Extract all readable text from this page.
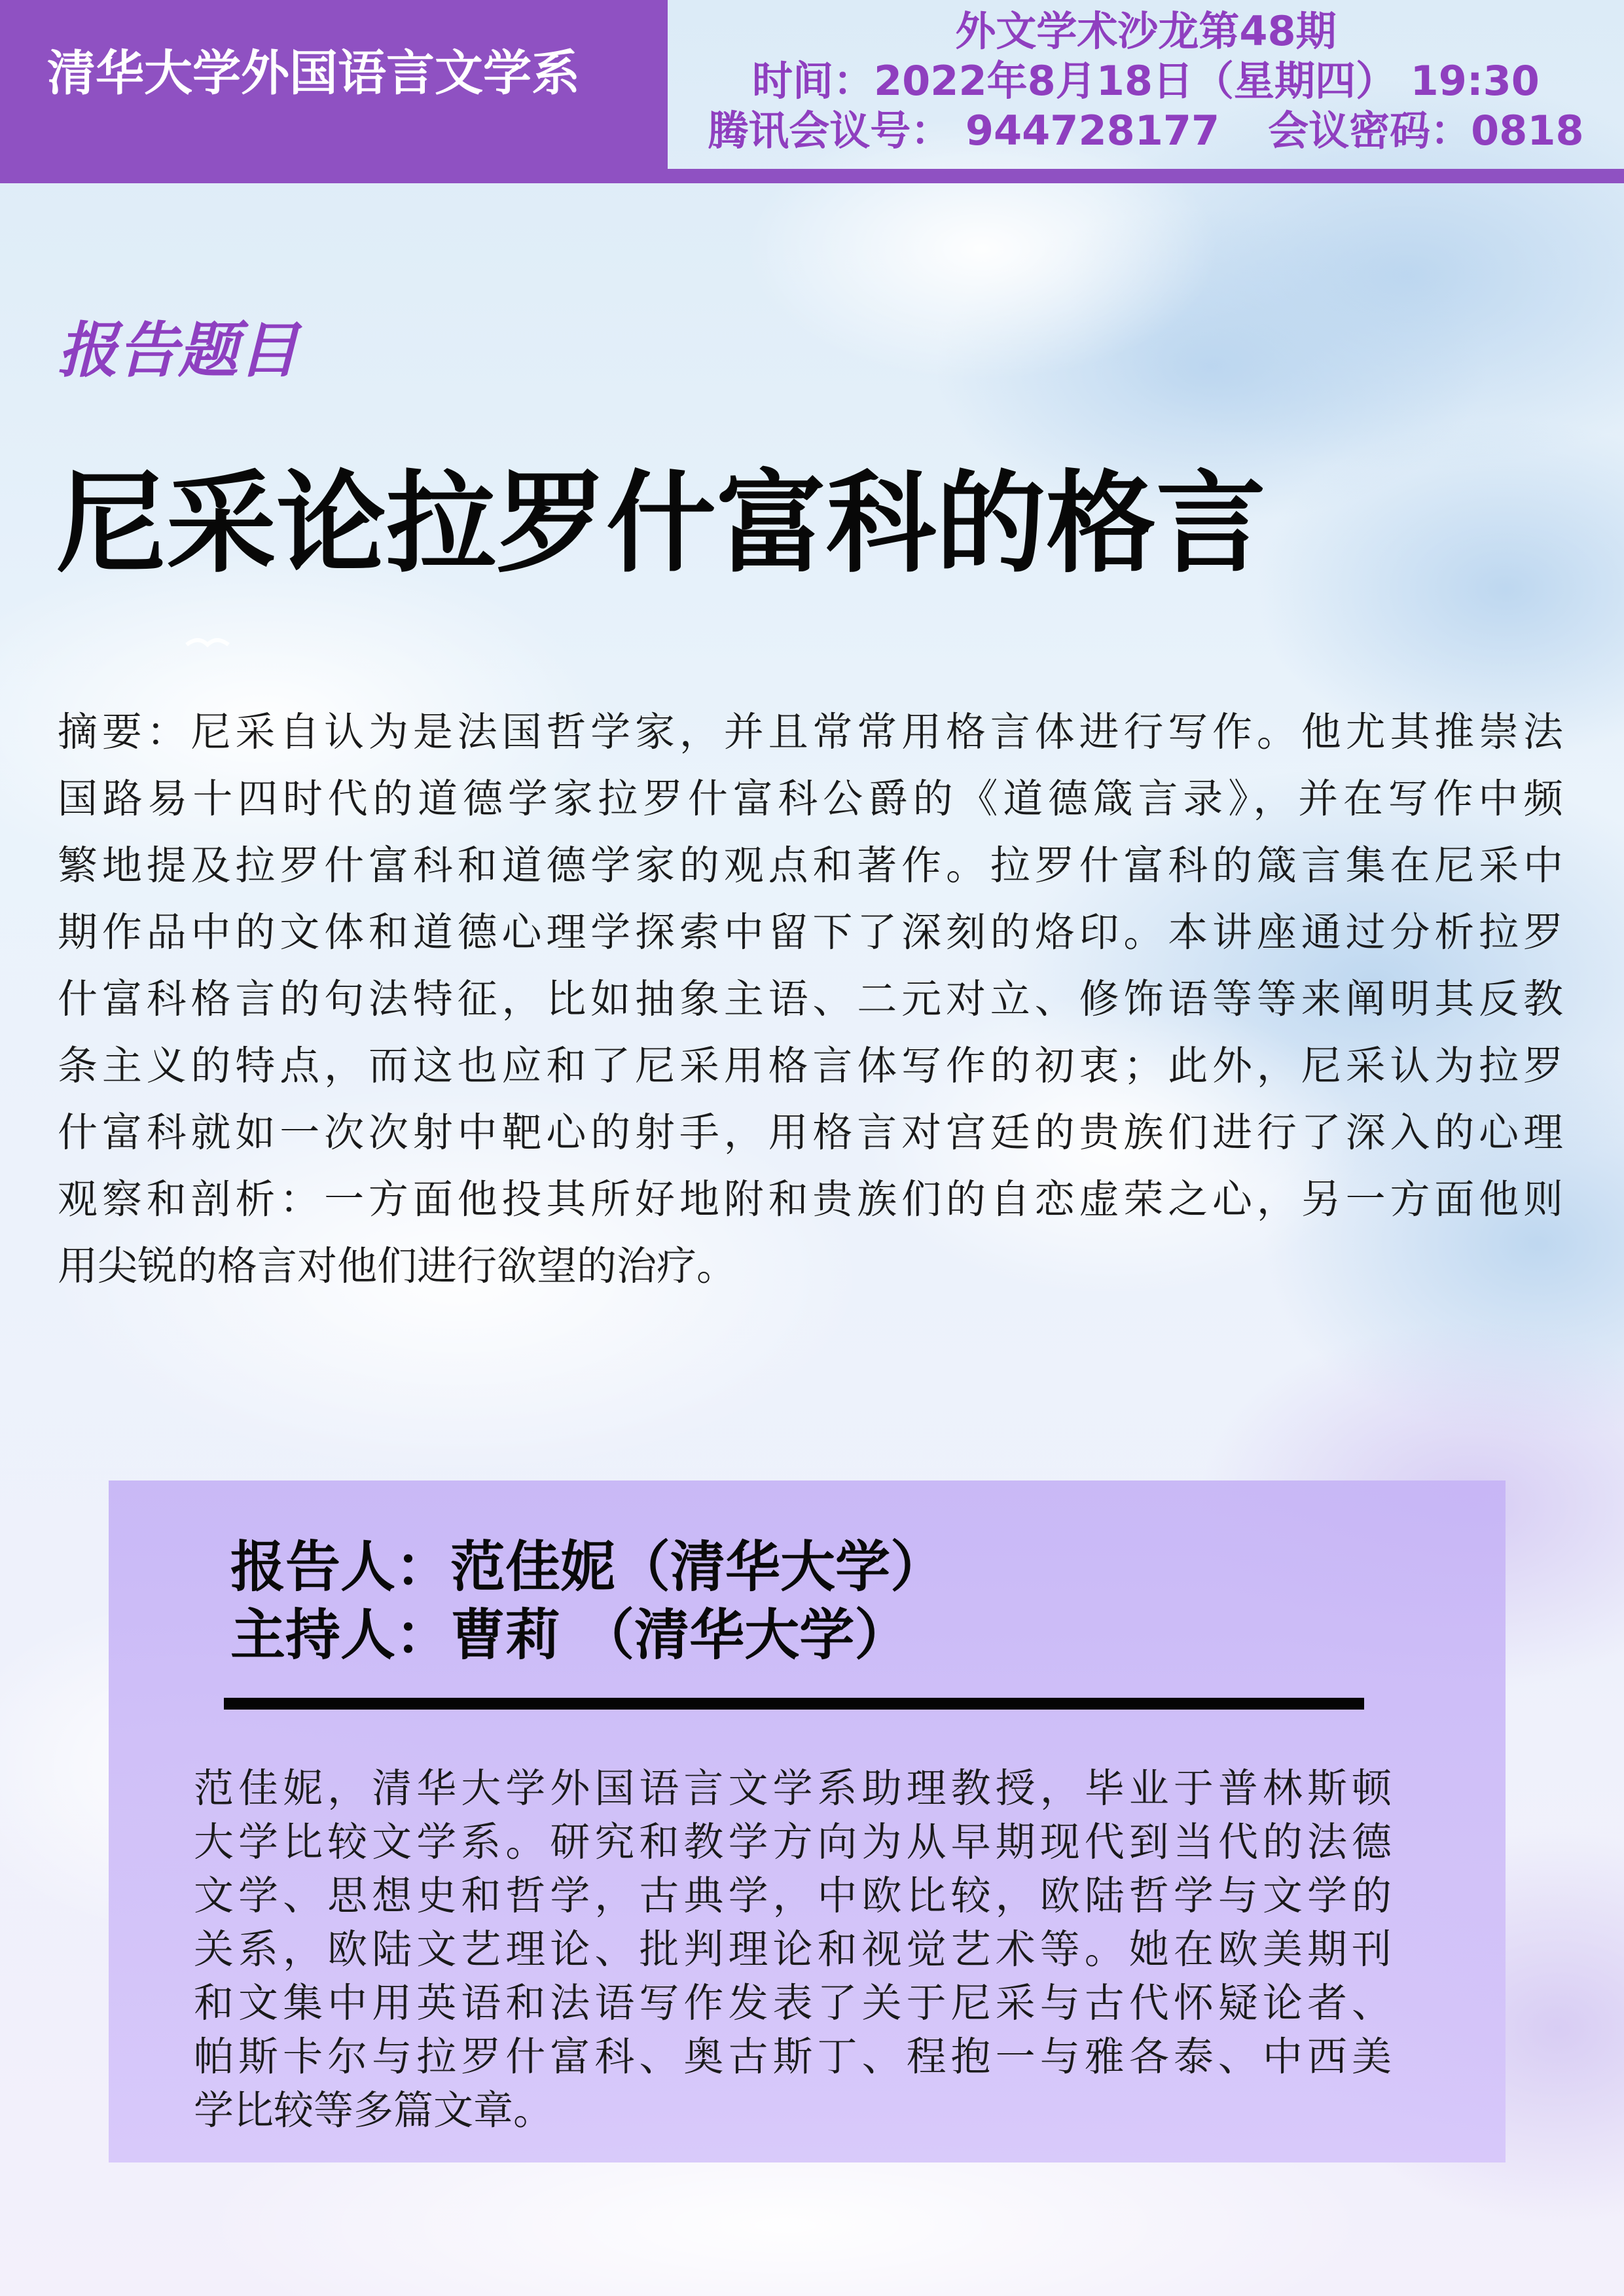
清华大学外国语言文学系
外文学术沙龙第48期
时间：2022年8月18日（星期四） 19:30
腾讯会议号： 944728177 会议密码：0818
报告题目
尼采论拉罗什富科的格言
摘要：尼采自认为是法国哲学家，并且常常用格言体进行写作。他尤其推崇法
国路易十四时代的道德学家拉罗什富科公爵的《道德箴言录》，并在写作中频
繁地提及拉罗什富科和道德学家的观点和著作。拉罗什富科的箴言集在尼采中
期作品中的文体和道德心理学探索中留下了深刻的烙印。本讲座通过分析拉罗
什富科格言的句法特征，比如抽象主语、二元对立、修饰语等等来阐明其反教
条主义的特点，而这也应和了尼采用格言体写作的初衷；此外，尼采认为拉罗
什富科就如一次次射中靶心的射手，用格言对宫廷的贵族们进行了深入的心理
观察和剖析：一方面他投其所好地附和贵族们的自恋虚荣之心，另一方面他则
用尖锐的格言对他们进行欲望的治疗。
报告人：范佳妮（清华大学）
主持人：曹莉 （清华大学）
范佳妮，清华大学外国语言文学系助理教授，毕业于普林斯顿
大学比较文学系。研究和教学方向为从早期现代到当代的法德
文学、思想史和哲学，古典学，中欧比较，欧陆哲学与文学的
关系，欧陆文艺理论、批判理论和视觉艺术等。她在欧美期刊
和文集中用英语和法语写作发表了关于尼采与古代怀疑论者、
帕斯卡尔与拉罗什富科、奥古斯丁、程抱一与雅各泰、中西美
学比较等多篇文章。
